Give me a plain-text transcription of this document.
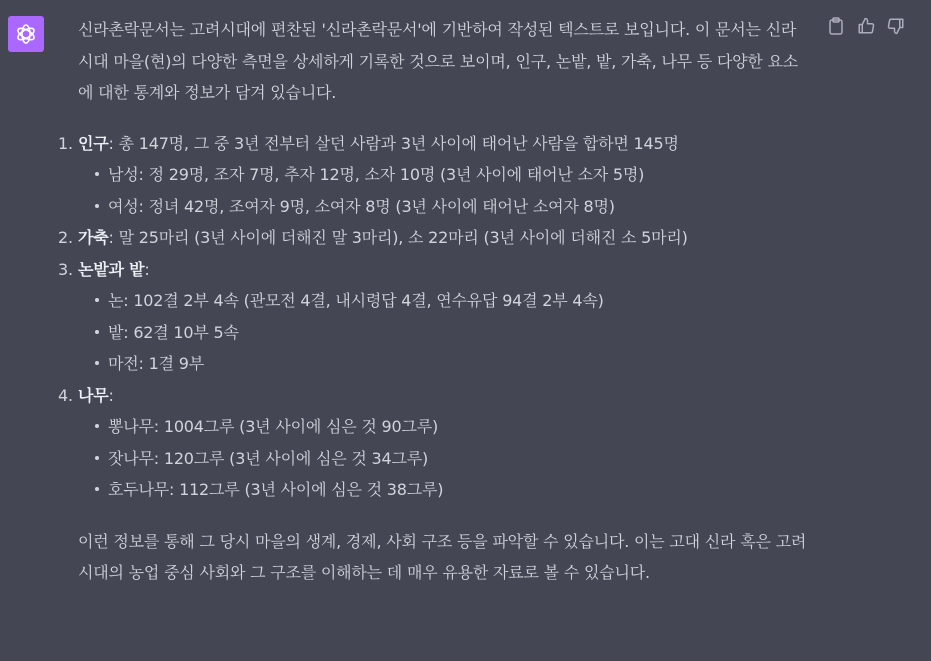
신라촌락문서는 고려시대에 편찬된 '신라촌락문서'에 기반하여 작성된 텍스트로 보입니다. 이 문서는 신라시대 마을(현)의 다양한 측면을 상세하게 기록한 것으로 보이며, 인구, 논밭, 밭, 가축, 나무 등 다양한 요소에 대한 통계와 정보가 담겨 있습니다.

1. 인구: 총 147명, 그 중 3년 전부터 살던 사람과 3년 사이에 태어난 사람을 합하면 145명
남성: 정 29명, 조자 7명, 추자 12명, 소자 10명 (3년 사이에 태어난 소자 5명)
여성: 정녀 42명, 조여자 9명, 소여자 8명 (3년 사이에 태어난 소여자 8명)
2. 가축: 말 25마리 (3년 사이에 더해진 말 3마리), 소 22마리 (3년 사이에 더해진 소 5마리)
3. 논밭과 밭:
논: 102결 2부 4속 (관모전 4결, 내시령답 4결, 연수유답 94결 2부 4속)
밭: 62결 10부 5속
마전: 1결 9부
4. 나무:
뽕나무: 1004그루 (3년 사이에 심은 것 90그루)
잣나무: 120그루 (3년 사이에 심은 것 34그루)
호두나무: 112그루 (3년 사이에 심은 것 38그루)

이런 정보를 통해 그 당시 마을의 생계, 경제, 사회 구조 등을 파악할 수 있습니다. 이는 고대 신라 혹은 고려시대의 농업 중심 사회와 그 구조를 이해하는 데 매우 유용한 자료로 볼 수 있습니다.
